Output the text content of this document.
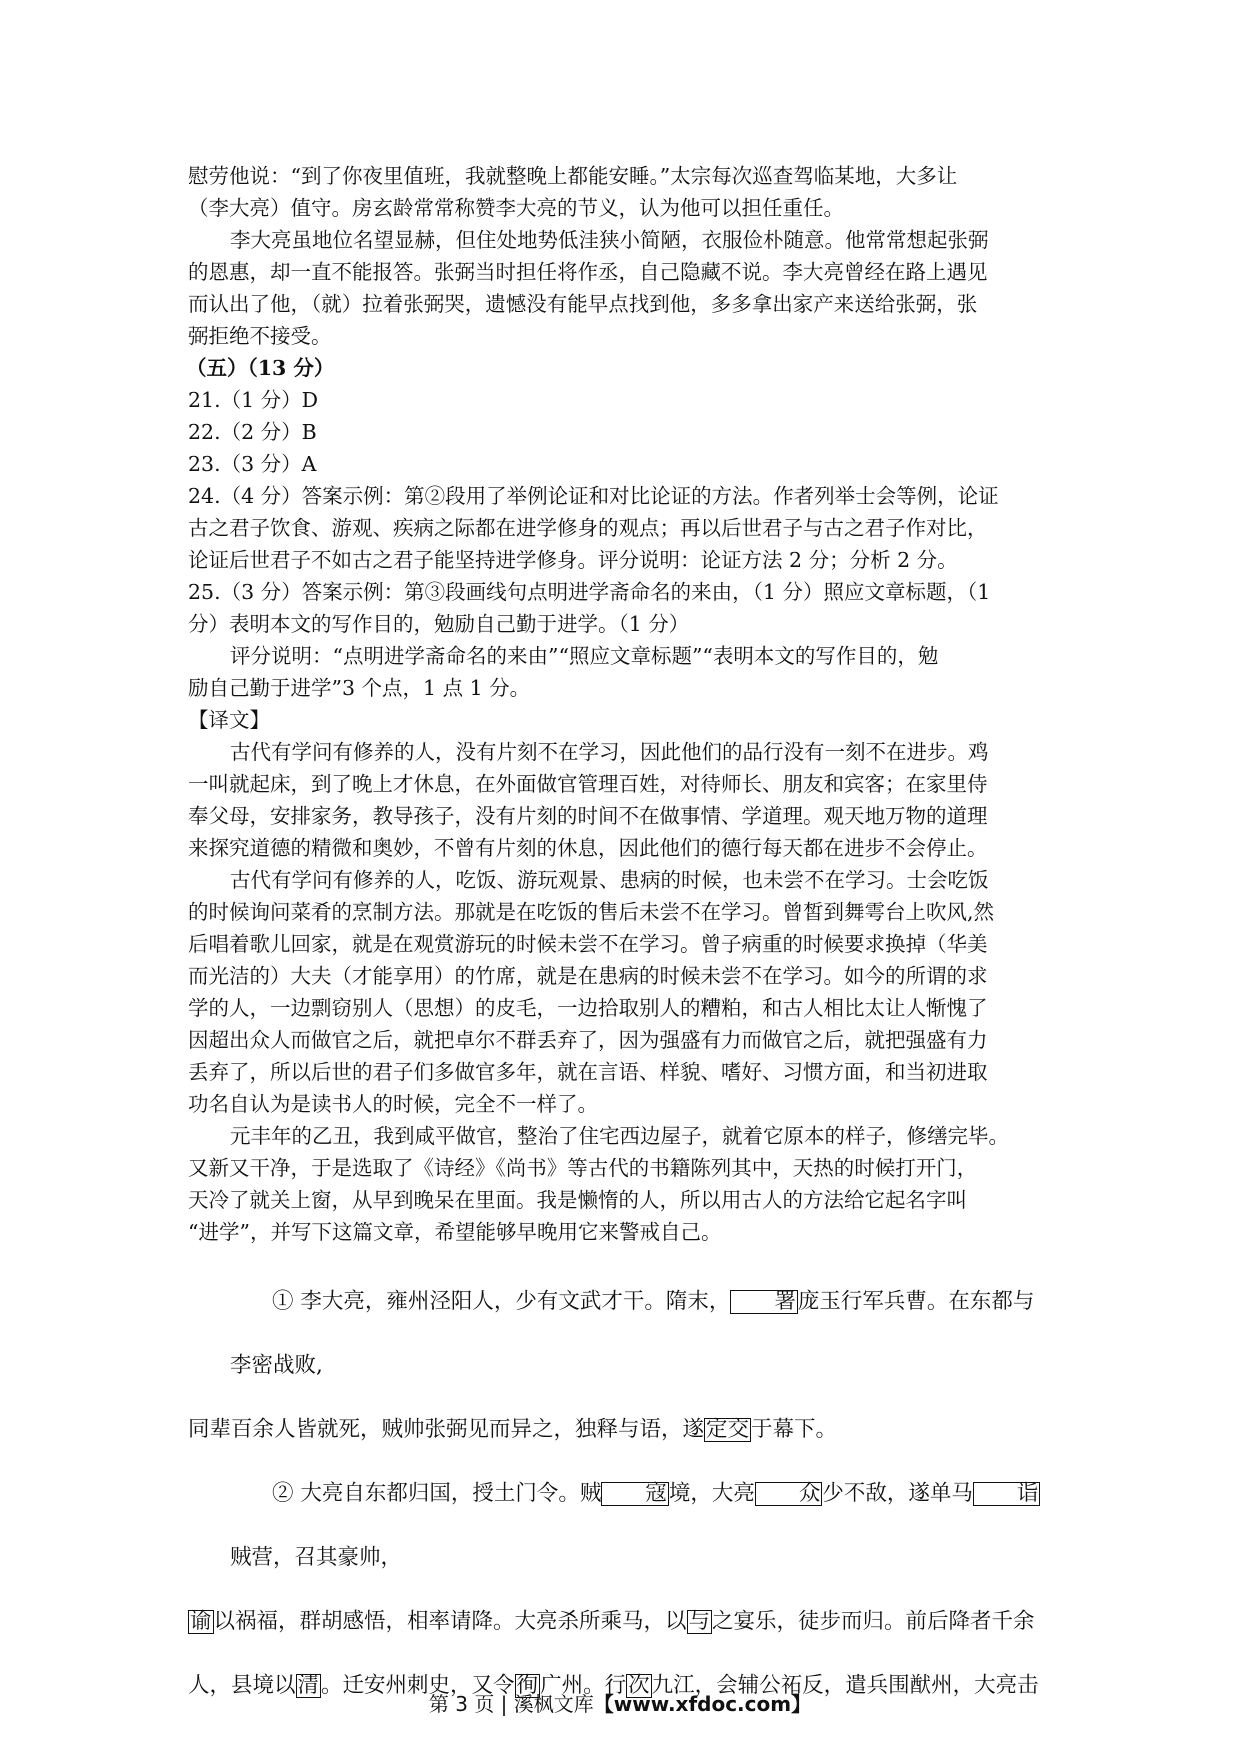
慰劳他说：“到了你夜里值班，我就整晚上都能安睡。”太宗每次巡查驾临某地，大多让

（李大亮）值守。房玄龄常常称赞李大亮的节义，认为他可以担任重任。

李大亮虽地位名望显赫，但住处地势低洼狭小简陋，衣服俭朴随意。他常常想起张弼

的恩惠，却一直不能报答。张弼当时担任将作丞，自己隐藏不说。李大亮曾经在路上遇见

而认出了他，（就）拉着张弼哭，遗憾没有能早点找到他，多多拿出家产来送给张弼，张

弼拒绝不接受。

（五）（13 分）

21.（1 分）D

22.（2 分）B

23.（3 分）A

24.（4 分）答案示例：第②段用了举例论证和对比论证的方法。作者列举士会等例，论证

古之君子饮食、游观、疾病之际都在进学修身的观点；再以后世君子与古之君子作对比，

论证后世君子不如古之君子能坚持进学修身。评分说明：论证方法 2 分；分析 2 分。

25.（3 分）答案示例：第③段画线句点明进学斋命名的来由，（1 分）照应文章标题，（1

分）表明本文的写作目的，勉励自己勤于进学。（1 分）

评分说明：“点明进学斋命名的来由”“照应文章标题”“表明本文的写作目的，勉

励自己勤于进学”3 个点，1 点 1 分。

【译文】

古代有学问有修养的人，没有片刻不在学习，因此他们的品行没有一刻不在进步。鸡

一叫就起床，到了晚上才休息，在外面做官管理百姓，对待师长、朋友和宾客；在家里侍

奉父母，安排家务，教导孩子，没有片刻的时间不在做事情、学道理。观天地万物的道理

来探究道德的精微和奥妙，不曾有片刻的休息，因此他们的德行每天都在进步不会停止。

古代有学问有修养的人，吃饭、游玩观景、患病的时候，也未尝不在学习。士会吃饭

的时候询问菜肴的烹制方法。那就是在吃饭的售后未尝不在学习。曾皙到舞雩台上吹风,然

后唱着歌儿回家，就是在观赏游玩的时候未尝不在学习。曾子病重的时候要求换掉（华美

而光洁的）大夫（才能享用）的竹席，就是在患病的时候未尝不在学习。如今的所谓的求

学的人，一边剽窃别人（思想）的皮毛，一边拾取别人的糟粕，和古人相比太让人惭愧了

因超出众人而做官之后，就把卓尔不群丢弃了，因为强盛有力而做官之后，就把强盛有力

丢弃了，所以后世的君子们多做官多年，就在言语、样貌、嗜好、习惯方面，和当初进取

功名自认为是读书人的时候，完全不一样了。

元丰年的乙丑，我到咸平做官，整治了住宅西边屋子，就着它原本的样子，修缮完毕。

又新又干净，于是选取了《诗经》《尚书》等古代的书籍陈列其中，天热的时候打开门，

天冷了就关上窗，从早到晚呆在里面。我是懒惰的人，所以用古人的方法给它起名字叫

“进学”，并写下这篇文章，希望能够早晚用它来警戒自己。

① 李大亮，雍州泾阳人，少有文武才干。隋末， 署庞玉行军兵曹。在东都与李密战败,
同辈百余人皆就死，贼帅张弼见而异之，独释与语，遂定交于幕下。

② 大亮自东都归国，授土门令。贼 寇境，大亮 众少不敌，遂单马 诣贼营，召其豪帅，
谕以祸福，群胡感悟，相率请降。大亮杀所乘马，以与之宴乐，徒步而归。前后降者千余
人，县境以清。迁安州刺史，又令徇广州。行次九江，会辅公祏反，遣兵围猷州，大亮击

第 3 页 | 溪枫文库【www.xfdoc.com】
